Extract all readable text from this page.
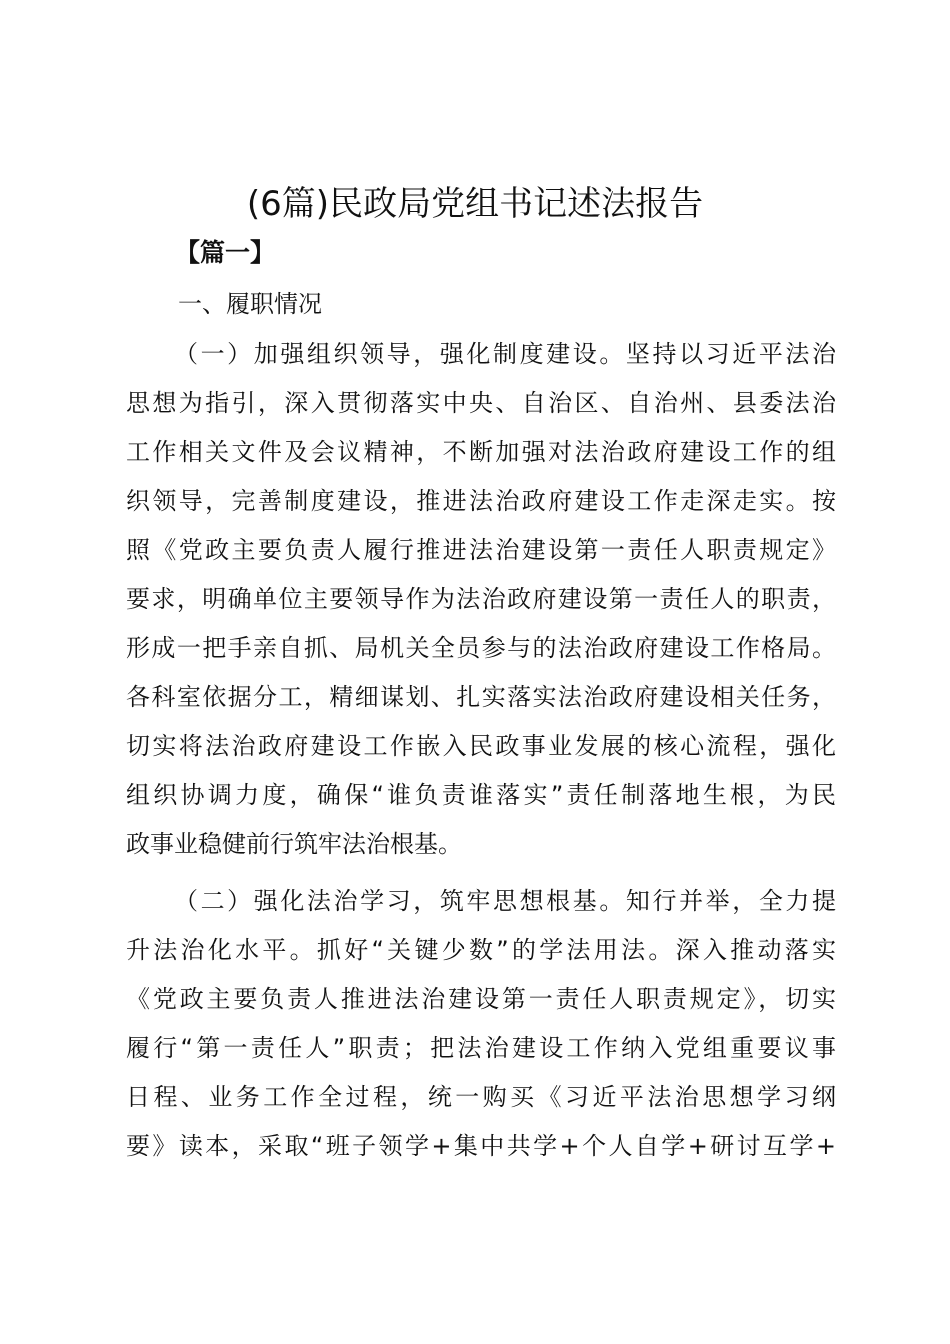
(6篇)民政局党组书记述法报告
【篇一】
一、履职情况
（一）加强组织领导，强化制度建设。坚持以习近平法治
思想为指引，深入贯彻落实中央、自治区、自治州、县委法治
工作相关文件及会议精神，不断加强对法治政府建设工作的组
织领导，完善制度建设，推进法治政府建设工作走深走实。按
照《党政主要负责人履行推进法治建设第一责任人职责规定》
要求，明确单位主要领导作为法治政府建设第一责任人的职责，
形成一把手亲自抓、局机关全员参与的法治政府建设工作格局。
各科室依据分工，精细谋划、扎实落实法治政府建设相关任务，
切实将法治政府建设工作嵌入民政事业发展的核心流程，强化
组织协调力度，确保“谁负责谁落实”责任制落地生根，为民
政事业稳健前行筑牢法治根基。
（二）强化法治学习，筑牢思想根基。知行并举，全力提
升法治化水平。抓好“关键少数”的学法用法。深入推动落实
《党政主要负责人推进法治建设第一责任人职责规定》，切实
履行“第一责任人”职责；把法治建设工作纳入党组重要议事
日程、业务工作全过程，统一购买《习近平法治思想学习纲
要》读本，采取“班子领学+集中共学+个人自学+研讨互学+
